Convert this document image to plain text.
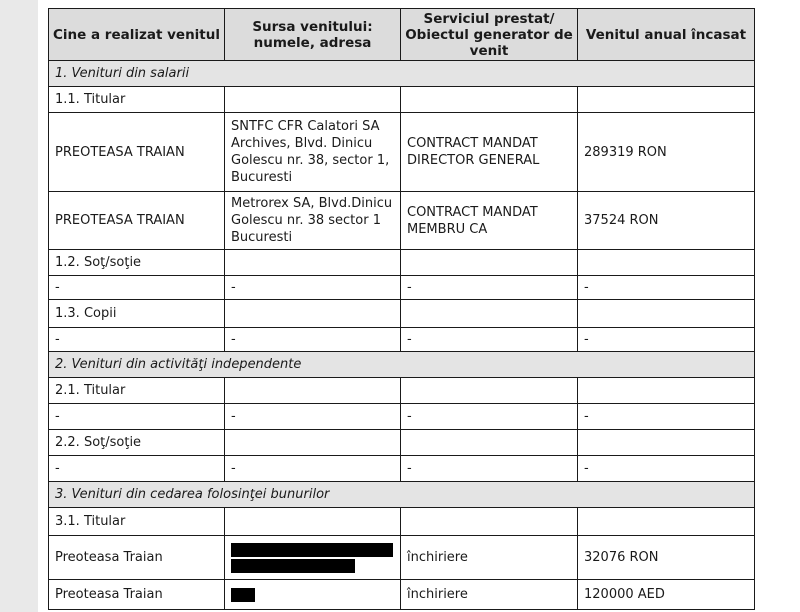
Cine a realizat venitul	Sursa venitului: numele, adresa	Serviciul prestat/ Obiectul generator de venit	Venitul anual încasat
1. Venituri din salarii			
1.1. Titular			
PREOTEASA TRAIAN	SNTFC CFR Calatori SA Archives, Blvd. Dinicu Golescu nr. 38, sector 1, Bucuresti	CONTRACT MANDAT DIRECTOR GENERAL	289319 RON
PREOTEASA TRAIAN	Metrorex SA, Blvd.Dinicu Golescu nr. 38 sector 1 Bucuresti	CONTRACT MANDAT MEMBRU CA	37524 RON
1.2. Soţ/soţie			
-	-	-	-
1.3. Copii			
-	-	-	-
2. Venituri din activităţi independente			
2.1. Titular			
-	-	-	-
2.2. Soţ/soţie			
-	-	-	-
3. Venituri din cedarea folosinţei bunurilor			
3.1. Titular			
Preoteasa Traian		închiriere	32076 RON
Preoteasa Traian		închiriere	120000 AED
